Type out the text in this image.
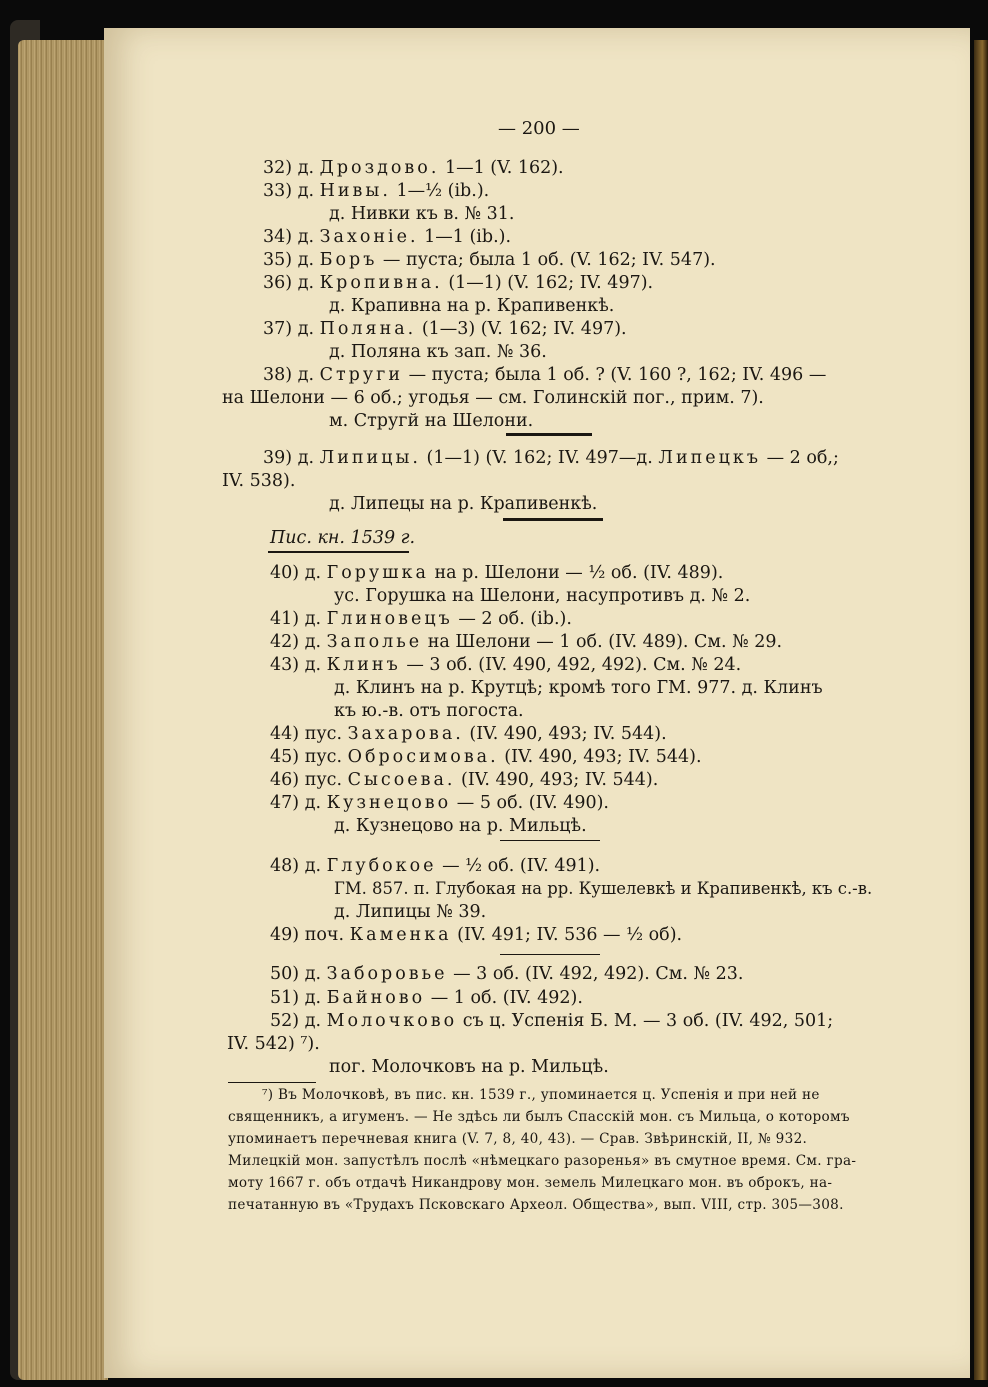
— 200 —
32) д. Дроздово. 1—1 (V. 162).
33) д. Нивы. 1—½ (ib.).
д. Нивки къ в. № 31.
34) д. Захоніе. 1—1 (ib.).
35) д. Боръ — пуста; была 1 об. (V. 162; IV. 547).
36) д. Кропивна. (1—1) (V. 162; IV. 497).
д. Крапивна на р. Крапивенкѣ.
37) д. Поляна. (1—3) (V. 162; IV. 497).
д. Поляна къ зап. № 36.
38) д. Струги — пуста; была 1 об. ? (V. 160 ?, 162; IV. 496 —
на Шелони — 6 об.; угодья — см. Голинскій пог., прим. 7).
м. Стругй на Шелони.
39) д. Липицы. (1—1) (V. 162; IV. 497—д. Липецкъ — 2 об,;
IV. 538).
д. Липецы на р. Крапивенкѣ.
Пис. кн. 1539 г.
40) д. Горушка на р. Шелони — ½ об. (IV. 489).
ус. Горушка на Шелони, насупротивъ д. № 2.
41) д. Глиновецъ — 2 об. (ib.).
42) д. Заполье на Шелони — 1 об. (IV. 489). См. № 29.
43) д. Клинъ — 3 об. (IV. 490, 492, 492). См. № 24.
д. Клинъ на р. Крутцѣ; кромѣ того ГМ. 977. д. Клинъ
къ ю.-в. отъ погоста.
44) пус. Захарова. (IV. 490, 493; IV. 544).
45) пус. Обросимова. (IV. 490, 493; IV. 544).
46) пус. Сысоева. (IV. 490, 493; IV. 544).
47) д. Кузнецово — 5 об. (IV. 490).
д. Кузнецово на р. Мильцѣ.
48) д. Глубокое — ½ об. (IV. 491).
ГМ. 857. п. Глубокая на рр. Кушелевкѣ и Крапивенкѣ, къ с.-в.
д. Липицы № 39.
49) поч. Каменка (IV. 491; IV. 536 — ½ об).
50) д. Заборовье — 3 об. (IV. 492, 492). См. № 23.
51) д. Байново — 1 об. (IV. 492).
52) д. Молочково съ ц. Успенія Б. М. — 3 об. (IV. 492, 501;
IV. 542) ⁷).
пог. Молочковъ на р. Мильцѣ.
⁷) Въ Молочковѣ, въ пис. кн. 1539 г., упоминается ц. Успенія и при ней не
священникъ, а игуменъ. — Не здѣсь ли былъ Спасскій мон. съ Мильца, о которомъ
упоминаетъ перечневая книга (V. 7, 8, 40, 43). — Срав. Звѣринскій, II, № 932.
Милецкій мон. запустѣлъ послѣ «нѣмецкаго разоренья» въ смутное время. См. гра-
моту 1667 г. объ отдачѣ Никандрову мон. земель Милецкаго мон. въ оброкъ, на-
печатанную въ «Трудахъ Псковскаго Археол. Общества», вып. VIII, стр. 305—308.
